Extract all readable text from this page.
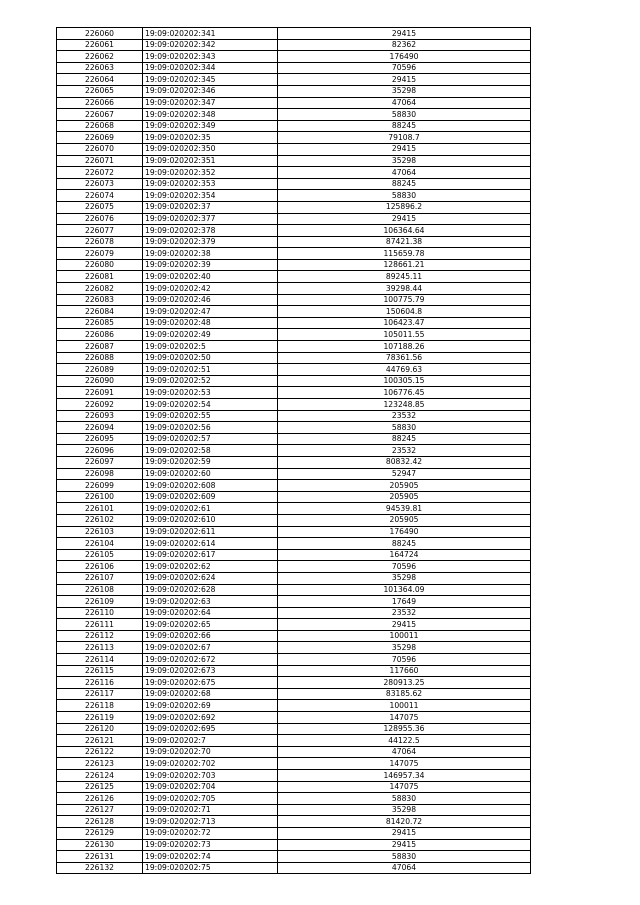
226060	19:09:020202:341	29415
226061	19:09:020202:342	82362
226062	19:09:020202:343	176490
226063	19:09:020202:344	70596
226064	19:09:020202:345	29415
226065	19:09:020202:346	35298
226066	19:09:020202:347	47064
226067	19:09:020202:348	58830
226068	19:09:020202:349	88245
226069	19:09:020202:35	79108.7
226070	19:09:020202:350	29415
226071	19:09:020202:351	35298
226072	19:09:020202:352	47064
226073	19:09:020202:353	88245
226074	19:09:020202:354	58830
226075	19:09:020202:37	125896.2
226076	19:09:020202:377	29415
226077	19:09:020202:378	106364.64
226078	19:09:020202:379	87421.38
226079	19:09:020202:38	115659.78
226080	19:09:020202:39	128661.21
226081	19:09:020202:40	89245.11
226082	19:09:020202:42	39298.44
226083	19:09:020202:46	100775.79
226084	19:09:020202:47	150604.8
226085	19:09:020202:48	106423.47
226086	19:09:020202:49	105011.55
226087	19:09:020202:5	107188.26
226088	19:09:020202:50	78361.56
226089	19:09:020202:51	44769.63
226090	19:09:020202:52	100305.15
226091	19:09:020202:53	106776.45
226092	19:09:020202:54	123248.85
226093	19:09:020202:55	23532
226094	19:09:020202:56	58830
226095	19:09:020202:57	88245
226096	19:09:020202:58	23532
226097	19:09:020202:59	80832.42
226098	19:09:020202:60	52947
226099	19:09:020202:608	205905
226100	19:09:020202:609	205905
226101	19:09:020202:61	94539.81
226102	19:09:020202:610	205905
226103	19:09:020202:611	176490
226104	19:09:020202:614	88245
226105	19:09:020202:617	164724
226106	19:09:020202:62	70596
226107	19:09:020202:624	35298
226108	19:09:020202:628	101364.09
226109	19:09:020202:63	17649
226110	19:09:020202:64	23532
226111	19:09:020202:65	29415
226112	19:09:020202:66	100011
226113	19:09:020202:67	35298
226114	19:09:020202:672	70596
226115	19:09:020202:673	117660
226116	19:09:020202:675	280913.25
226117	19:09:020202:68	83185.62
226118	19:09:020202:69	100011
226119	19:09:020202:692	147075
226120	19:09:020202:695	128955.36
226121	19:09:020202:7	44122.5
226122	19:09:020202:70	47064
226123	19:09:020202:702	147075
226124	19:09:020202:703	146957.34
226125	19:09:020202:704	147075
226126	19:09:020202:705	58830
226127	19:09:020202:71	35298
226128	19:09:020202:713	81420.72
226129	19:09:020202:72	29415
226130	19:09:020202:73	29415
226131	19:09:020202:74	58830
226132	19:09:020202:75	47064
